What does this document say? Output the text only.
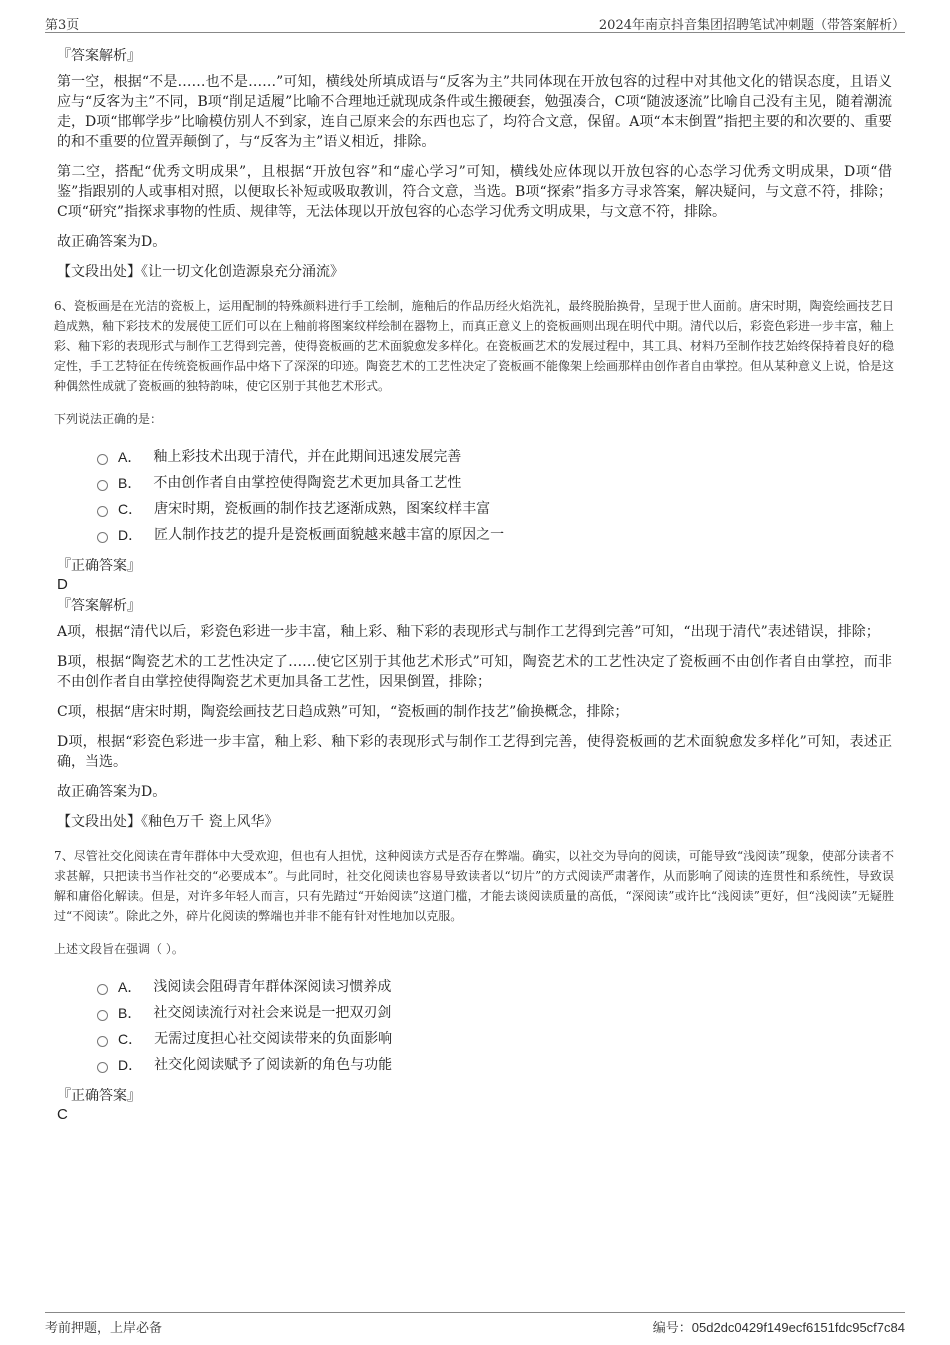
第3页	2024年南京抖音集团招聘笔试冲刺题（带答案解析）
『答案解析』

第一空，根据“不是……也不是……”可知，横线处所填成语与“反客为主”共同体现在开放包容的过程中对其他文化的错误态度，且语义应与“反客为主”不同，B项“削足适履”比喻不合理地迁就现成条件或生搬硬套，勉强凑合，C项“随波逐流”比喻自己没有主见，随着潮流走，D项“邯郸学步”比喻模仿别人不到家，连自己原来会的东西也忘了，均符合文意，保留。A项“本末倒置”指把主要的和次要的、重要的和不重要的位置弄颠倒了，与“反客为主”语义相近，排除。

第二空，搭配“优秀文明成果”，且根据“开放包容”和“虚心学习”可知，横线处应体现以开放包容的心态学习优秀文明成果，D项“借鉴”指跟别的人或事相对照，以便取长补短或吸取教训，符合文意，当选。B项“探索”指多方寻求答案，解决疑问，与文意不符，排除；C项“研究”指探求事物的性质、规律等，无法体现以开放包容的心态学习优秀文明成果，与文意不符，排除。

故正确答案为D。

【文段出处】《让一切文化创造源泉充分涌流》

6、瓷板画是在光洁的瓷板上，运用配制的特殊颜料进行手工绘制，施釉后的作品历经火焰洗礼，最终脱胎换骨，呈现于世人面前。唐宋时期，陶瓷绘画技艺日趋成熟，釉下彩技术的发展使工匠们可以在上釉前将图案纹样绘制在器物上，而真正意义上的瓷板画则出现在明代中期。清代以后，彩瓷色彩进一步丰富，釉上彩、釉下彩的表现形式与制作工艺得到完善，使得瓷板画的艺术面貌愈发多样化。在瓷板画艺术的发展过程中，其工具、材料乃至制作技艺始终保持着良好的稳定性，手工艺特征在传统瓷板画作品中烙下了深深的印迹。陶瓷艺术的工艺性决定了瓷板画不能像架上绘画那样由创作者自由掌控。但从某种意义上说，恰是这种偶然性成就了瓷板画的独特韵味，使它区别于其他艺术形式。

下列说法正确的是：

A． 釉上彩技术出现于清代，并在此期间迅速发展完善
B． 不由创作者自由掌控使得陶瓷艺术更加具备工艺性
C． 唐宋时期，瓷板画的制作技艺逐渐成熟，图案纹样丰富
D． 匠人制作技艺的提升是瓷板画面貌越来越丰富的原因之一
『正确答案』
D
『答案解析』

A项，根据“清代以后，彩瓷色彩进一步丰富，釉上彩、釉下彩的表现形式与制作工艺得到完善”可知，“出现于清代”表述错误，排除；

B项，根据“陶瓷艺术的工艺性决定了……使它区别于其他艺术形式”可知，陶瓷艺术的工艺性决定了瓷板画不由创作者自由掌控，而非不由创作者自由掌控使得陶瓷艺术更加具备工艺性，因果倒置，排除；

C项，根据“唐宋时期，陶瓷绘画技艺日趋成熟”可知，“瓷板画的制作技艺”偷换概念，排除；

D项，根据“彩瓷色彩进一步丰富，釉上彩、釉下彩的表现形式与制作工艺得到完善，使得瓷板画的艺术面貌愈发多样化”可知，表述正确，当选。

故正确答案为D。

【文段出处】《釉色万千 瓷上风华》

7、尽管社交化阅读在青年群体中大受欢迎，但也有人担忧，这种阅读方式是否存在弊端。确实，以社交为导向的阅读，可能导致“浅阅读”现象，使部分读者不求甚解，只把读书当作社交的“必要成本”。与此同时，社交化阅读也容易导致读者以“切片”的方式阅读严肃著作，从而影响了阅读的连贯性和系统性，导致误解和庸俗化解读。但是，对许多年轻人而言，只有先踏过“开始阅读”这道门槛，才能去谈阅读质量的高低，“深阅读”或许比“浅阅读”更好，但“浅阅读”无疑胜过“不阅读”。除此之外，碎片化阅读的弊端也并非不能有针对性地加以克服。

上述文段旨在强调（ ）。

A． 浅阅读会阻碍青年群体深阅读习惯养成
B． 社交阅读流行对社会来说是一把双刃剑
C． 无需过度担心社交阅读带来的负面影响
D． 社交化阅读赋予了阅读新的角色与功能
『正确答案』
C
考前押题，上岸必备	编号：05d2dc0429f149ecf6151fdc95cf7c84
